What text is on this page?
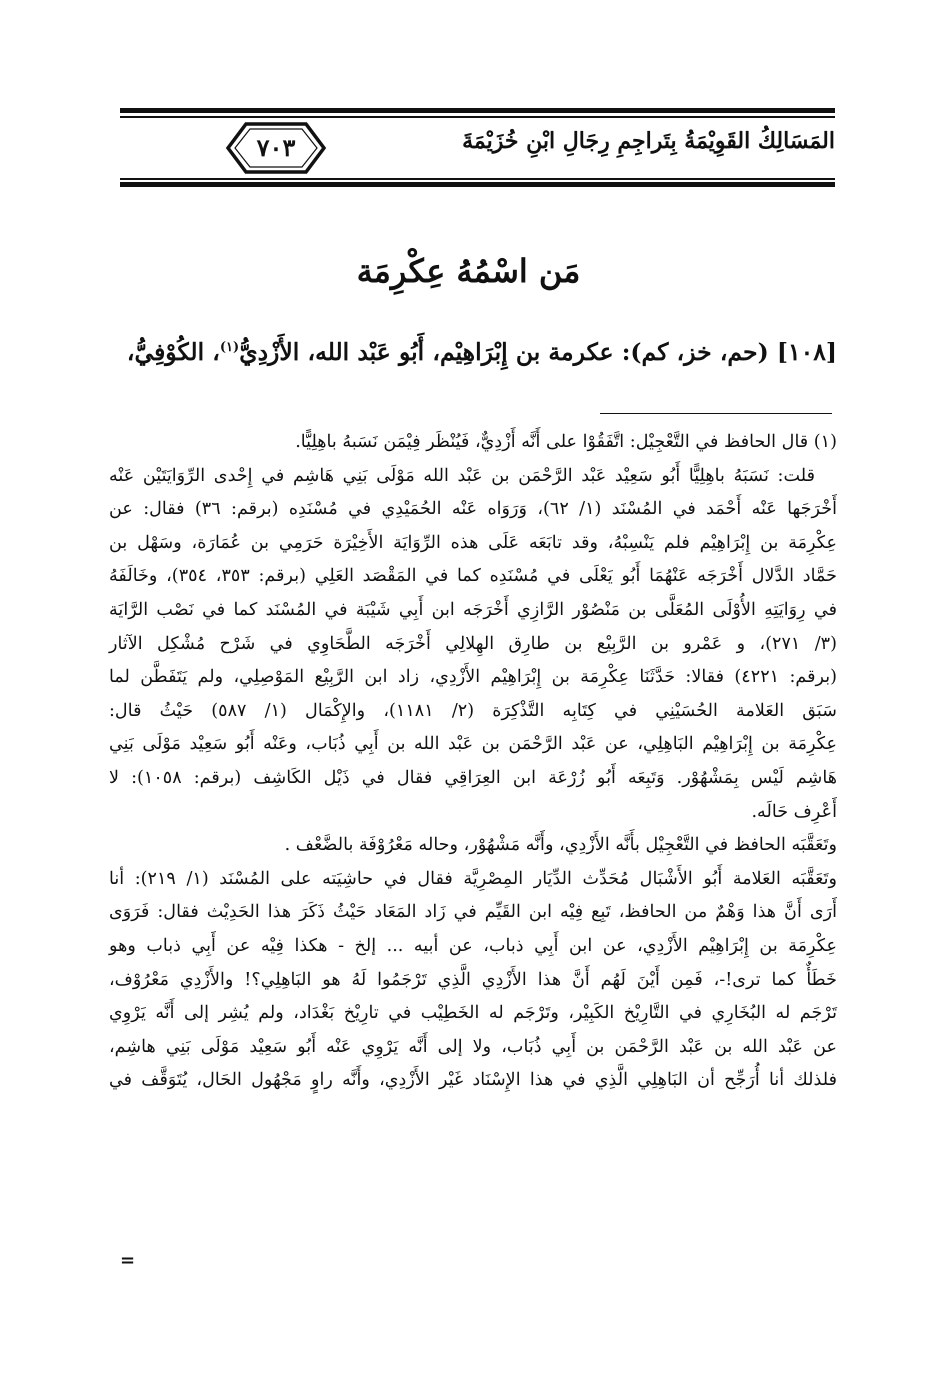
المَسَالِكُ القَوِيْمَةُ بِتَراجِمِ رِجَالِ ابْنِ خُزَيْمَةَ
٧٠٣
مَن اسْمُهُ عِكْرِمَة
[١٠٨] (حم، خز، كم): عكرمة بن إِبْرَاهِيْم، أَبُو عَبْد الله، الأَزْدِيُّ$^{(١)}$، الكُوْفِيُّ،

(١) قال الحافظ في التَّعْجِيْل: اتَّفَقُوْا على أَنَّه أَزْدِيٌّ، فَيُنْظَر فِيْمَن نَسَبهُ باهِلِيًّا.

قلت: نَسَبَهُ باهِلِيًّا أَبُو سَعِيْد عَبْد الرَّحْمَن بن عَبْد الله مَوْلَى بَنِي هَاشِم في إِحْدى الرِّوَايَتَيْن عَنْه

أَخْرَجَها عَنْه أَحْمَد في المُسْنَد (١/ ٦٢)، وَرَوَاه عَنْه الحُمَيْدِي في مُسْنَدِه (برقم: ٣٦) فقال: عن

عِكْرِمَة بن إِبْرَاهِيْم فلم يَنْسِبْهُ، وقد تابَعَه عَلَى هذه الرِّوَايَة الأَخِيْرَة حَرَمِي بن عُمَارَة، وسَهْل بن

حَمَّاد الدَّلال أَخْرَجَه عَنْهُمَا أَبُو يَعْلَى في مُسْنَدِه كما في المَقْصَد العَلِي (برقم: ٣٥٣، ٣٥٤)، وخَالَفَهُ

في رِوَايَتِهِ الأُوْلَى المُعَلَّى بن مَنْصُوْر الرَّازِي أَخْرَجَه ابن أَبِي شَيْبَة في المُسْنَد كما في نَصْب الرَّايَة

(٣/ ٢٧١)، و عَمْرو بن الرَّبِيْع بن طارِق الهِلالِي أَخْرَجَه الطَّحَاوِي في شَرْح مُشْكِل الآثار

(برقم: ٤٢٢١) فقالا: حَدَّثَنَا عِكْرِمَة بن إِبْرَاهِيْم الأَزْدِي، زاد ابن الرَّبِيْع المَوْصِلِي، ولم يَتَفَطَّن لما

سَبَق العَلامة الحُسَيْنِي في كِتَابِه التَّذْكِرَة (٢/ ١١٨١)، والإِكْمَال (١/ ٥٨٧) حَيْثُ قال:

عِكْرِمَة بن إِبْرَاهِيْم البَاهِلِي، عن عَبْد الرَّحْمَن بن عَبْد الله بن أَبِي ذُبَاب، وعَنْه أَبُو سَعِيْد مَوْلَى بَنِي

هَاشِم لَيْس بِمَشْهُوْر. وَتَبِعَه أَبُو زُرْعَة ابن العِرَاقِي فقال في ذَيْل الكَاشِف (برقم: ١٠٥٨): لا

أَعْرِف حَالَه.

وتَعَقَّبَه الحافظ في التَّعْجِيْل بأَنَّه الأَزْدِي، وأَنَّه مَشْهُوْر، وحاله مَعْرُوْفَة بالضَّعْف .

وتَعَقَّبَه العَلامة أَبُو الأَشْبَال مُحَدِّث الدِّيَار المِصْرِيَّة فقال في حاشِيَته على المُسْنَد (١/ ٢١٩): أنا

أَرَى أَنَّ هذا وَهْمٌ من الحافظ، تَبِع فِيْه ابن القَيِّم في زَاد المَعَاد حَيْثُ ذَكَرَ هذا الحَدِيْث فقال: فَرَوَى

عِكْرِمَة بن إِبْرَاهِيْم الأَزْدِي، عن ابن أَبِي ذباب، عن أبيه ... إلخ - هكذا فِيْه عن أَبِي ذباب وهو

خَطَأٌ كما ترى!-، فَمِن أَيْنَ لَهُم أَنَّ هذا الأَزْدِي الَّذِي تَرْجَمُوا لَهُ هو البَاهِلِي؟! والأَزْدِي مَعْرُوْف،

تَرْجَم له البُخَارِي في التَّارِيْخ الكَبِيْر، وتَرْجَم له الخَطِيْب في تارِيْخ بَغْدَاد، ولم يُشِر إلى أَنَّه يَرْوِي

عن عَبْد الله بن عَبْد الرَّحْمَن بن أَبِي ذُبَاب، ولا إلى أَنَّه يَرْوِي عَنْه أَبُو سَعِيْد مَوْلَى بَنِي هاشِم،

فلذلك أنا أُرَجِّح أن البَاهِلِي الَّذِي في هذا الإِسْنَاد غَيْر الأَزْدِي، وأَنَّه راوٍ مَجْهُول الحَال، يُتَوَقَّف في

=
